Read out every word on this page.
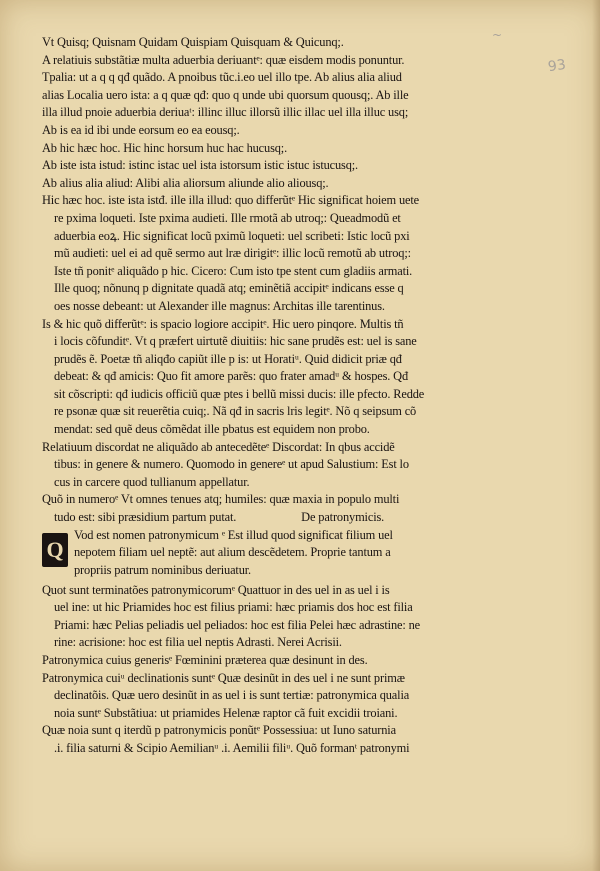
~
93
Vt Quisq; Quisnam Quidam Quispiam Quisquam & Quicunq;.
A relatiuis substãtiæ multa aduerbia deriuantᵉ: quæ eisdem modis ponuntur.
Tpalia: ut a q q qđ quãdo. A pnoibus tũc.i.eo uel illo tpe. Ab alius alia aliud
alias Localia uero ista: a q quæ qđ: quo q unde ubi quorsum quousq;. Ab ille
illa illud pnoie aduerbia deriuaᵗ: illinc illuc illorsũ illic illac uel illa illuc usq;
Ab is ea id ibi unde eorsum eo ea eousq;.
Ab hic hæc hoc. Hic hinc horsum huc hac hucusq;.
Ab iste ista istud: istinc istac uel ista istorsum istic istuc istucusq;.
Ab alius alia aliud: Alibi alia aliorsum aliunde alio aliousq;.
Hic hæc hoc. iste ista istđ. ille illa illud: quo differũtᵉ Hic significat hoiem uete
re pxima loqueti. Iste pxima audieti. Ille rmotã ab utroq;: Queadmodũ et
aduerbia eoꝝ. Hic significat locũ pximũ loqueti: uel scribeti: Istic locũ pxi
mũ audieti: uel ei ad quẽ sermo aut lræ dirigitᵉ: illic locũ remotũ ab utroq;:
Iste tñ ponitᵉ aliquãdo p hic. Cicero: Cum isto tpe stent cum gladiis armati.
Ille quoq; nõnunq p dignitate quadã atq; eminẽtiã accipitᵉ indicans esse q
oes nosse debeant: ut Alexander ille magnus: Architas ille tarentinus.
Is & hic quõ differũtᵉ: is spacio logiore accipitᵉ. Hic uero pinqore. Multis tñ
i locis cõfunditᵉ. Vt q præfert uirtutẽ diuitiis: hic sane prudẽs est: uel is sane
prudẽs ẽ. Poetæ tñ aliqđo capiũt ille p is: ut Horatiᵘ. Quid didicit priæ qđ
debeat: & qđ amicis: Quo fit amore parẽs: quo frater amadᵘ & hospes. Qđ
sit cõscripti: qđ iudicis officiũ quæ ptes i bellũ missi ducis: ille pfecto. Redde
re psonæ quæ sit reuerẽtia cuiq;. Nã qđ in sacris lris legitᵉ. Nõ q seipsum cõ
mendat: sed quẽ deus cõmẽdat ille pbatus est equidem non probo.
Relatiuum discordat ne aliquãdo ab antecedẽteᵉ Discordat: In qbus accidẽ
tibus: in genere & numero. Quomodo in genereᵉ ut apud Salustium: Est lo
cus in carcere quod tullianum appellatur.
Quõ in numeroᵉ Vt omnes tenues atq; humiles: quæ maxia in populo multi
tudo est: sibi præsidium partum putat.	De patronymicis.
Q
Vod est nomen patronymicum ᵉ Est illud quod significat filium uel
nepotem filiam uel neptẽ: aut alium descẽdetem. Proprie tantum a
propriis patrum nominibus deriuatur.
Quot sunt terminatões patronymicorumᵉ Quattuor in des uel in as uel i is
uel ine: ut hic Priamides hoc est filius priami: hæc priamis dos hoc est filia
Priami: hæc Pelias peliadis uel peliados: hoc est filia Pelei hæc adrastine: ne
rine: acrisione: hoc est filia uel neptis Adrasti. Nerei Acrisii.
Patronymica cuius generisᵉ Fœminini præterea quæ desinunt in des.
Patronymica cuiᵘ declinationis suntᵉ Quæ desinũt in des uel i ne sunt primæ
declinatõis. Quæ uero desinũt in as uel i is sunt tertiæ: patronymica qualia
noia suntᵉ Substãtiua: ut priamides Helenæ raptor cã fuit excidii troiani.
Quæ noia sunt q iterdũ p patronymicis ponũtᵉ Possessiua: ut Iuno saturnia
.i. filia saturni & Scipio Aemilianᵘ .i. Aemilii filiᵘ. Quõ formanᵗ patronymi
